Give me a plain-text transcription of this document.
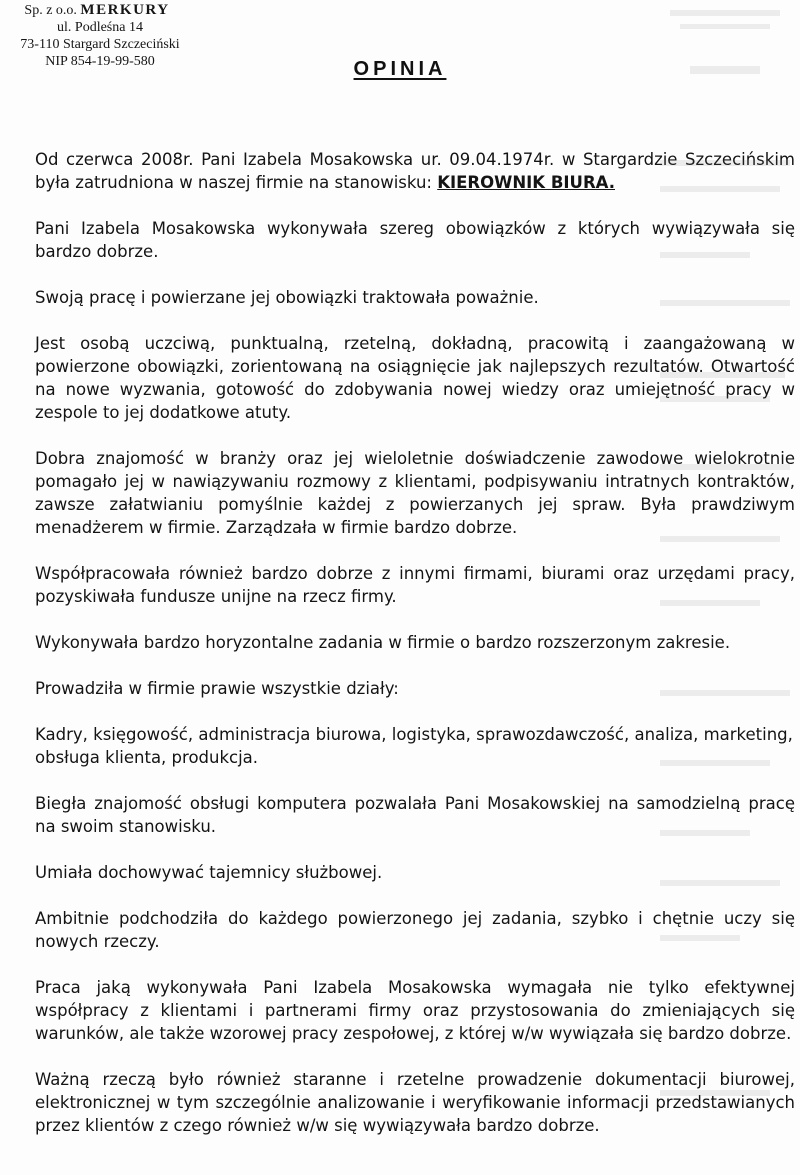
Sp. z o.o. MERKURY
ul. Podleśna 14
73-110 Stargard Szczeciński
NIP 854-19-99-580	OPINIA

Od czerwca 2008r. Pani Izabela Mosakowska ur. 09.04.1974r. w Stargardzie Szczecińskim była zatrudniona w naszej firmie na stanowisku: KIEROWNIK BIURA.

Pani Izabela Mosakowska wykonywała szereg obowiązków z których wywiązywała się bardzo dobrze.

Swoją pracę i powierzane jej obowiązki traktowała poważnie.

Jest osobą uczciwą, punktualną, rzetelną, dokładną, pracowitą i zaangażowaną w powierzone obowiązki, zorientowaną na osiągnięcie jak najlepszych rezultatów. Otwartość na nowe wyzwania, gotowość do zdobywania nowej wiedzy oraz umiejętność pracy w zespole to jej dodatkowe atuty.

Dobra znajomość w branży oraz jej wieloletnie doświadczenie zawodowe wielokrotnie pomagało jej w nawiązywaniu rozmowy z klientami, podpisywaniu intratnych kontraktów, zawsze załatwianiu pomyślnie każdej z powierzanych jej spraw. Była prawdziwym menadżerem w firmie. Zarządzała w firmie bardzo dobrze.

Współpracowała również bardzo dobrze z innymi firmami, biurami oraz urzędami pracy, pozyskiwała fundusze unijne na rzecz firmy.

Wykonywała bardzo horyzontalne zadania w firmie o bardzo rozszerzonym zakresie.

Prowadziła w firmie prawie wszystkie działy:

Kadry, księgowość, administracja biurowa, logistyka, sprawozdawczość, analiza, marketing, obsługa klienta, produkcja.

Biegła znajomość obsługi komputera pozwalała Pani Mosakowskiej na samodzielną pracę na swoim stanowisku.

Umiała dochowywać tajemnicy służbowej.

Ambitnie podchodziła do każdego powierzonego jej zadania, szybko i chętnie uczy się nowych rzeczy.

Praca jaką wykonywała Pani Izabela Mosakowska wymagała nie tylko efektywnej współpracy z klientami i partnerami firmy oraz przystosowania do zmieniających się warunków, ale także wzorowej pracy zespołowej, z której w/w wywiązała się bardzo dobrze.

Ważną rzeczą było również staranne i rzetelne prowadzenie dokumentacji biurowej, elektronicznej w tym szczególnie analizowanie i weryfikowanie informacji przedstawianych przez klientów z czego również w/w się wywiązywała bardzo dobrze.
